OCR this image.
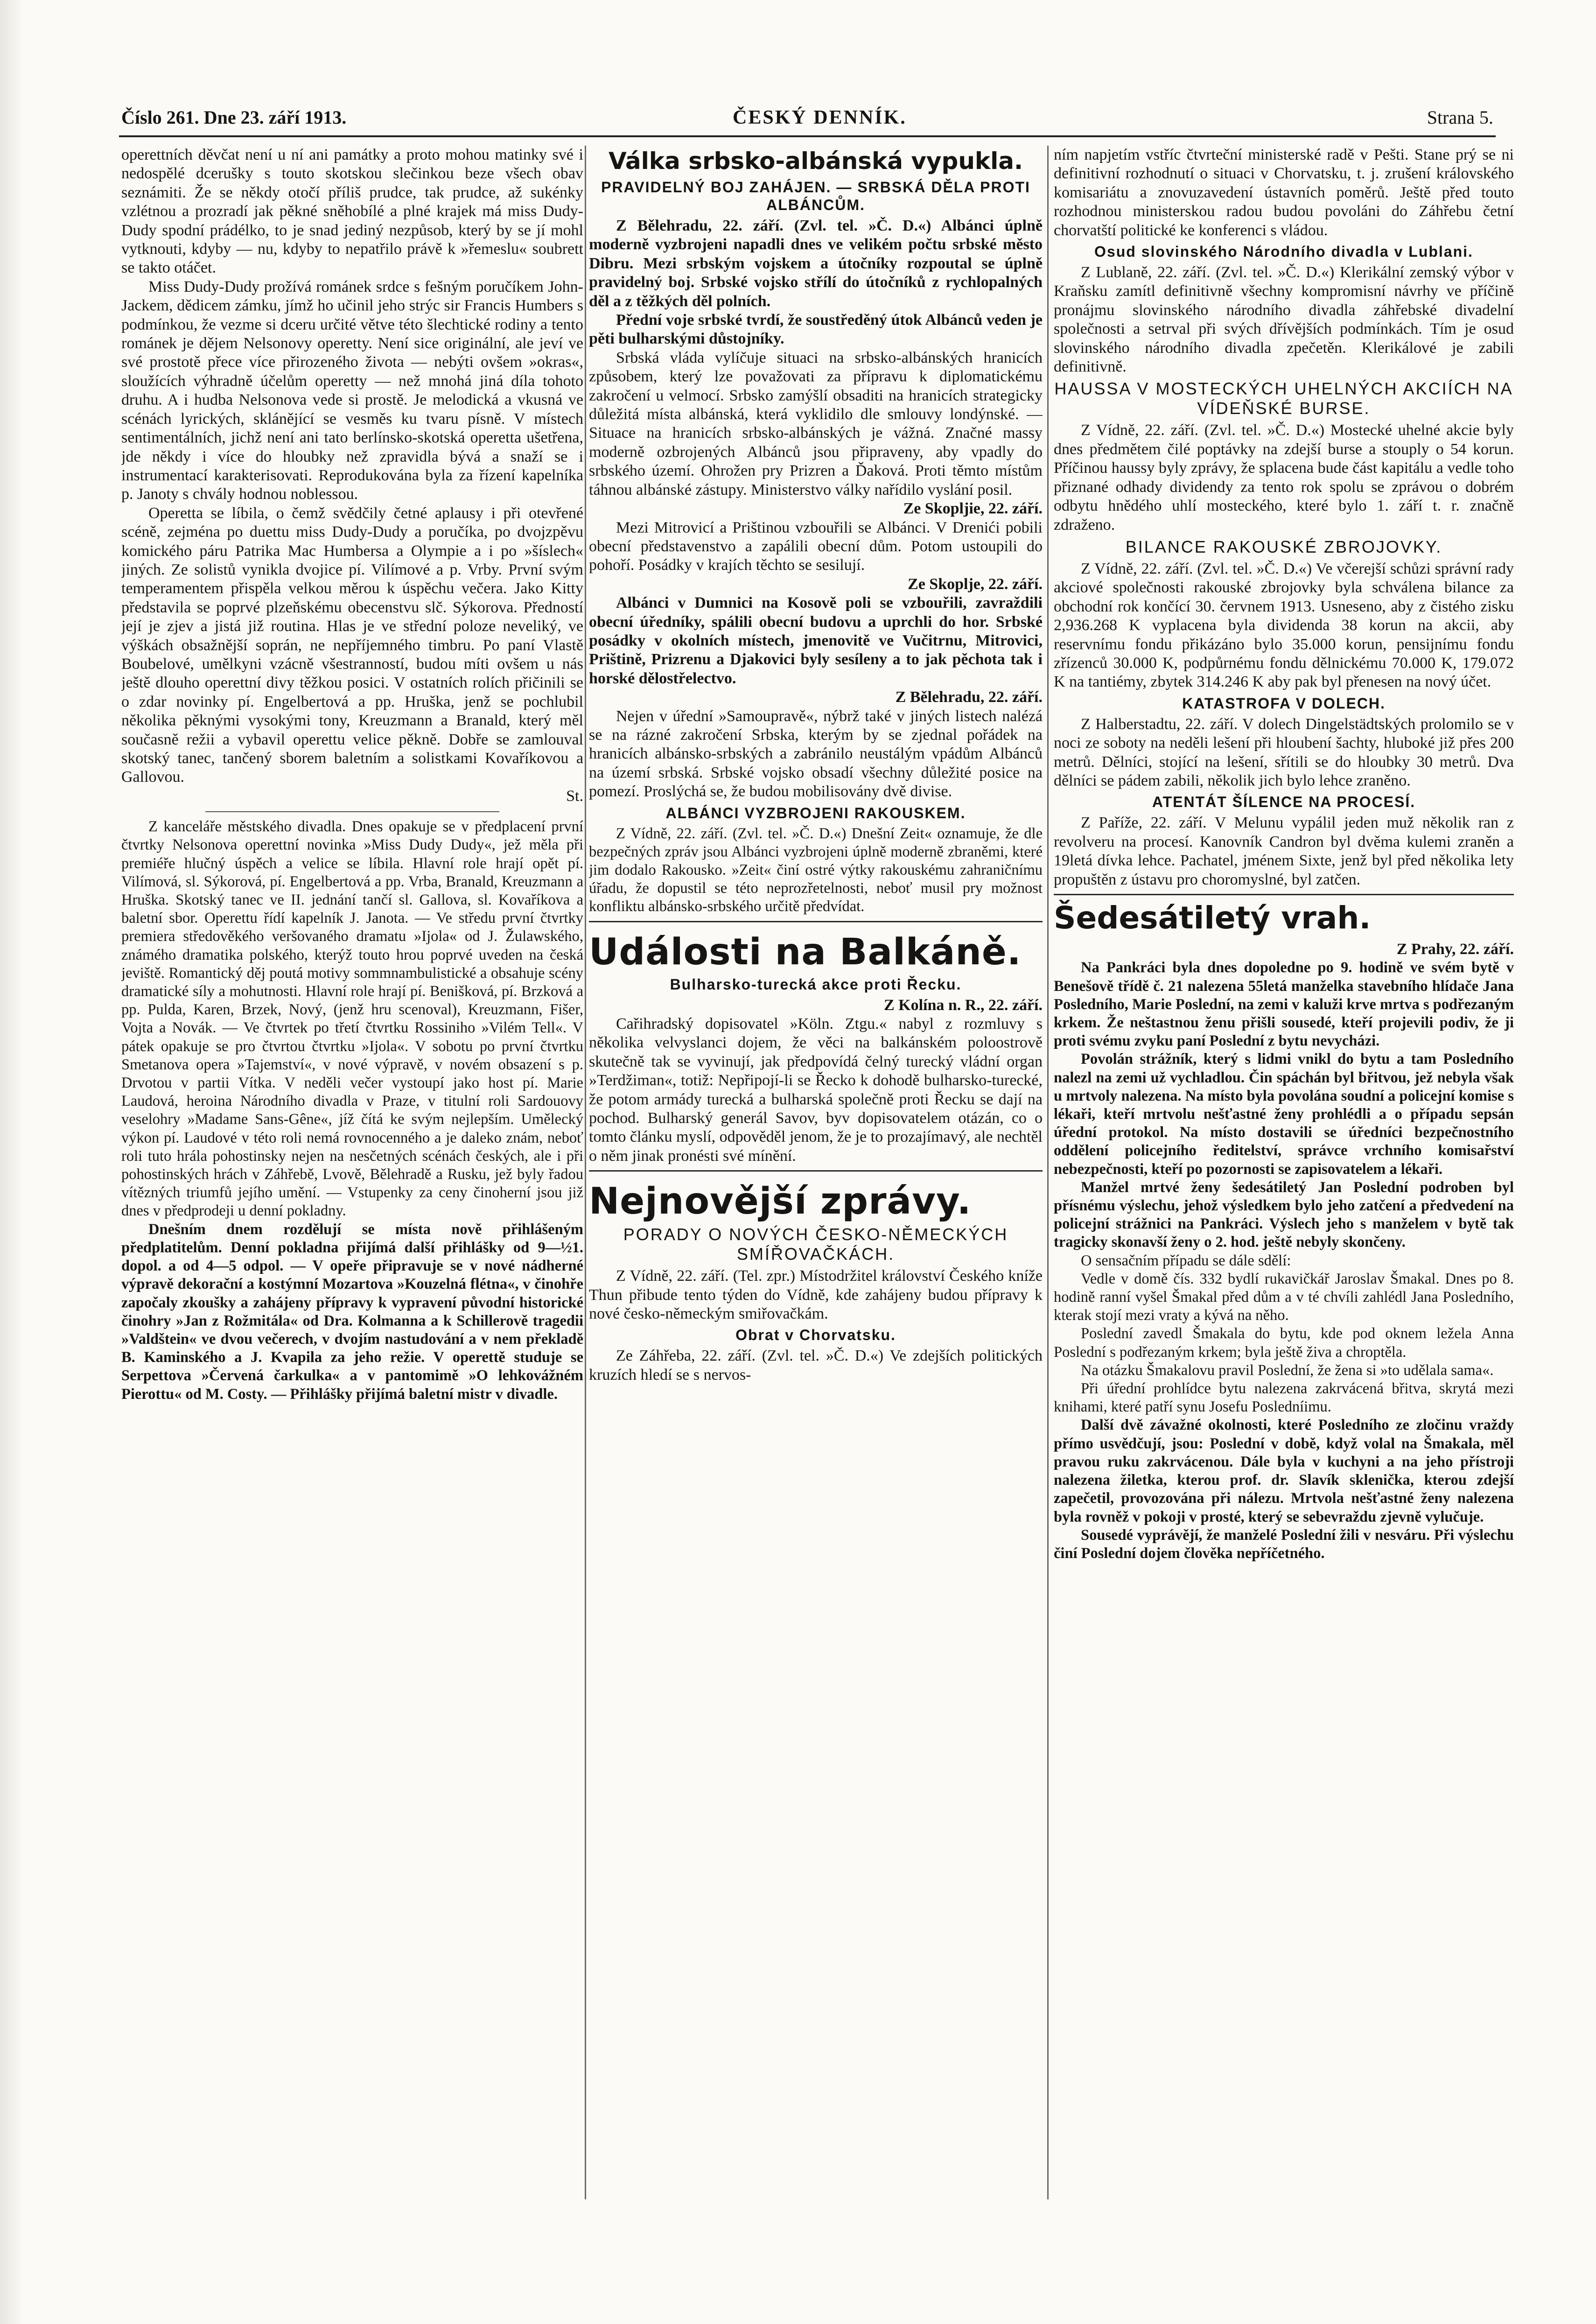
Číslo 261. Dne 23. září 1913.	ČESKÝ DENNÍK.	Strana 5.

operettních děvčat není u ní ani památky a proto mohou matinky své i nedospělé dcerušky s touto skotskou slečinkou beze všech obav seznámiti. Že se někdy otočí příliš prudce, tak prudce, až sukénky vzlétnou a prozradí jak pěkné sněhobílé a plné krajek má miss Dudy-Dudy spodní prádélko, to je snad jediný nezpůsob, který by se jí mohl vytknouti, kdyby — nu, kdyby to nepatřilo právě k »řemeslu« soubrett se takto otáčet.

Miss Dudy-Dudy prožívá románek srdce s fešným poručíkem John-Jackem, dědicem zámku, jímž ho učinil jeho strýc sir Francis Humbers s podmínkou, že vezme si dceru určité větve této šlechtické rodiny a tento románek je dějem Nelsonovy operetty. Není sice originální, ale jeví ve své prostotě přece více přirozeného života — nebýti ovšem »okras«, sloužících výhradně účelům operetty — než mnohá jiná díla tohoto druhu. A i hudba Nelsonova vede si prostě. Je melodická a vkusná ve scénách lyrických, sklánějící se vesměs ku tvaru písně. V místech sentimentálních, jichž není ani tato berlínsko-skotská operetta ušetřena, jde někdy i více do hloubky než zpravidla bývá a snaží se i instrumentací karakterisovati. Reprodukována byla za řízení kapelníka p. Janoty s chvály hodnou noblessou.

Operetta se líbila, o čemž svědčily četné aplausy i při otevřené scéně, zejména po duettu miss Dudy-Dudy a poručíka, po dvojzpěvu komického páru Patrika Mac Humbersa a Olympie a i po »šíslech« jiných. Ze solistů vynikla dvojice pí. Vilímové a p. Vrby. První svým temperamentem přispěla velkou měrou k úspěchu večera. Jako Kitty představila se poprvé plzeňskému obecenstvu slč. Sýkorova. Předností její je zjev a jistá již routina. Hlas je ve střední poloze neveliký, ve výškách obsažnější soprán, ne nepříjemného timbru. Po paní Vlastě Boubelové, umělkyni vzácně všestranností, budou míti ovšem u nás ještě dlouho operettní divy těžkou posici. V ostatních rolích přičinili se o zdar novinky pí. Engelbertová a pp. Hruška, jenž se pochlubil několika pěknými vysokými tony, Kreuzmann a Branald, který měl současně režii a vybavil operettu velice pěkně. Dobře se zamlouval skotský tanec, tančený sborem baletním a solistkami Kovaříkovou a Gallovou.

St.

Z kanceláře městského divadla. Dnes opakuje se v předplacení první čtvrtky Nelsonova operettní novinka »Miss Dudy Dudy«, jež měla při premiéře hlučný úspěch a velice se líbila. Hlavní role hrají opět pí. Vilímová, sl. Sýkorová, pí. Engelbertová a pp. Vrba, Branald, Kreuzmann a Hruška. Skotský tanec ve II. jednání tančí sl. Gallova, sl. Kovaříkova a baletní sbor. Operettu řídí kapelník J. Janota. — Ve středu první čtvrtky premiera středověkého veršovaného dramatu »Ijola« od J. Žulawského, známého dramatika polského, kterýž touto hrou poprvé uveden na česká jeviště. Romantický děj poutá motivy sommnambulistické a obsahuje scény dramatické síly a mohutnosti. Hlavní role hrají pí. Benišková, pí. Brzková a pp. Pulda, Karen, Brzek, Nový, (jenž hru scenoval), Kreuzmann, Fišer, Vojta a Novák. — Ve čtvrtek po třetí čtvrtku Rossiniho »Vilém Tell«. V pátek opakuje se pro čtvrtou čtvrtku »Ijola«. V sobotu po první čtvrtku Smetanova opera »Tajemství«, v nové výpravě, v novém obsazení s p. Drvotou v partii Vítka. V neděli večer vystoupí jako host pí. Marie Laudová, heroina Národního divadla v Praze, v titulní roli Sardouovy veselohry »Madame Sans-Gêne«, jíž čítá ke svým nejlepším. Umělecký výkon pí. Laudové v této roli nemá rovnocenného a je daleko znám, neboť roli tuto hrála pohostinsky nejen na nesčetných scénách českých, ale i při pohostinských hrách v Záhřebě, Lvově, Bělehradě a Rusku, jež byly řadou vítězných triumfů jejího umění. — Vstupenky za ceny činoherní jsou již dnes v předprodeji u denní pokladny.

Dnešním dnem rozdělují se místa nově přihlášeným předplatitelům. Denní pokladna přijímá další přihlášky od 9—½1. dopol. a od 4—5 odpol. — V opeře připravuje se v nové nádherné výpravě dekorační a kostýmní Mozartova »Kouzelná flétna«, v činohře započaly zkoušky a zahájeny přípravy k vypravení původní historické činohry »Jan z Rožmitála« od Dra. Kolmanna a k Schillerově tragedii »Valdštein« ve dvou večerech, v dvojím nastudování a v nem překladě B. Kaminského a J. Kvapila za jeho režie. V operettě studuje se Serpettova »Červená čarkulka« a v pantomimě »O lehkovážném Pierottu« od M. Costy. — Přihlášky přijímá baletní mistr v divadle.

Válka srbsko-albánská vypukla.
PRAVIDELNÝ BOJ ZAHÁJEN. — SRBSKÁ DĚLA PROTI ALBÁNCŮM.

Z Bělehradu, 22. září. (Zvl. tel. »Č. D.«) Albánci úplně moderně vyzbrojeni napadli dnes ve velikém počtu srbské město Dibru. Mezi srbským vojskem a útočníky rozpoutal se úplně pravidelný boj. Srbské vojsko střílí do útočníků z rychlopalných děl a z těžkých děl polních.

Přední voje srbské tvrdí, že soustředěný útok Albánců veden je pěti bulharskými důstojníky.

Srbská vláda vylíčuje situaci na srbsko-albánských hranicích způsobem, který lze považovati za přípravu k diplomatickému zakročení u velmocí. Srbsko zamýšlí obsaditi na hranicích strategicky důležitá místa albánská, která vyklidilo dle smlouvy londýnské. — Situace na hranicích srbsko-albánských je vážná. Značné massy moderně ozbrojených Albánců jsou připraveny, aby vpadly do srbského území. Ohrožen pry Prizren a Ďaková. Proti těmto místům táhnou albánské zástupy. Ministerstvo války nařídilo vyslání posil.

Ze Skopljie, 22. září.

Mezi Mitrovicí a Prištinou vzbouřili se Albánci. V Drenići pobili obecní představenstvo a zapálili obecní dům. Potom ustoupili do pohoří. Posádky v krajích těchto se sesilují.

Ze Skoplje, 22. září.

Albánci v Dumnici na Kosově poli se vzbouřili, zavraždili obecní úředníky, spálili obecní budovu a uprchli do hor. Srbské posádky v okolních místech, jmenovitě ve Vučitrnu, Mitrovici, Prištině, Prizrenu a Djakovici byly sesíleny a to jak pěchota tak i horské dělostřelectvo.

Z Bělehradu, 22. září.

Nejen v úřední »Samoupravě«, nýbrž také v jiných listech nalézá se na rázné zakročení Srbska, kterým by se zjednal pořádek na hranicích albánsko-srbských a zabránilo neustálým vpádům Albánců na území srbská. Srbské vojsko obsadí všechny důležité posice na pomezí. Proslýchá se, že budou mobilisovány dvě divise.

ALBÁNCI VYZBROJENI RAKOUSKEM.

Z Vídně, 22. září. (Zvl. tel. »Č. D.«) Dnešní Zeit« oznamuje, že dle bezpečných zpráv jsou Albánci vyzbrojeni úplně moderně zbraněmi, které jim dodalo Rakousko. »Zeit« činí ostré výtky rakouskému zahraničnímu úřadu, že dopustil se této neprozřetelnosti, neboť musil pry možnost konfliktu albánsko-srbského určitě předvídat.

Události na Balkáně.
Bulharsko-turecká akce proti Řecku.

Z Kolína n. R., 22. září.

Cařihradský dopisovatel »Köln. Ztgu.« nabyl z rozmluvy s několika velvyslanci dojem, že věci na balkánském poloostrově skutečně tak se vyvinují, jak předpovídá čelný turecký vládní organ »Terdžiman«, totiž: Nepřipojí-li se Řecko k dohodě bulharsko-turecké, že potom armády turecká a bulharská společně proti Řecku se dají na pochod. Bulharský generál Savov, byv dopisovatelem otázán, co o tomto článku myslí, odpověděl jenom, že je to prozajímavý, ale nechtěl o něm jinak pronésti své mínění.

Nejnovější zprávy.
PORADY O NOVÝCH ČESKO-NĚMECKÝCH SMÍŘOVAČKÁCH.

Z Vídně, 22. září. (Tel. zpr.) Místodržitel království Českého kníže Thun přibude tento týden do Vídně, kde zahájeny budou přípravy k nové česko-německým smiřovačkám.

Obrat v Chorvatsku.

Ze Záhřeba, 22. září. (Zvl. tel. »Č. D.«) Ve zdejších politických kruzích hledí se s nervos-

ním napjetím vstříc čtvrteční ministerské radě v Pešti. Stane prý se ni definitivní rozhodnutí o situaci v Chorvatsku, t. j. zrušení královského komisariátu a znovuzavedení ústavních poměrů. Ještě před touto rozhodnou ministerskou radou budou povoláni do Záhřebu četní chorvatští politické ke konferenci s vládou.

Osud slovinského Národního divadla v Lublani.

Z Lublaně, 22. září. (Zvl. tel. »Č. D.«) Klerikální zemský výbor v Kraňsku zamítl definitivně všechny kompromisní návrhy ve příčině pronájmu slovinského národního divadla záhřebské divadelní společnosti a setrval při svých dřívějších podmínkách. Tím je osud slovinského národního divadla zpečetěn. Klerikálové je zabili definitivně.

HAUSSA V MOSTECKÝCH UHELNÝCH AKCIÍCH NA VÍDEŇSKÉ BURSE.

Z Vídně, 22. září. (Zvl. tel. »Č. D.«) Mostecké uhelné akcie byly dnes předmětem čilé poptávky na zdejší burse a stouply o 54 korun. Příčinou haussy byly zprávy, že splacena bude část kapitálu a vedle toho přiznané odhady dividendy za tento rok spolu se zprávou o dobrém odbytu hnědého uhlí mosteckého, které bylo 1. září t. r. značně zdraženo.

BILANCE RAKOUSKÉ ZBROJOVKY.

Z Vídně, 22. září. (Zvl. tel. »Č. D.«) Ve včerejší schůzi správní rady akciové společnosti rakouské zbrojovky byla schválena bilance za obchodní rok končící 30. červnem 1913. Usneseno, aby z čistého zisku 2,936.268 K vyplacena byla dividenda 38 korun na akcii, aby reservnímu fondu přikázáno bylo 35.000 korun, pensijnímu fondu zřízenců 30.000 K, podpůrnému fondu dělnickému 70.000 K, 179.072 K na tantiémy, zbytek 314.246 K aby pak byl přenesen na nový účet.

KATASTROFA V DOLECH.

Z Halberstadtu, 22. září. V dolech Dingelstädtských prolomilo se v noci ze soboty na neděli lešení při hloubení šachty, hluboké již přes 200 metrů. Dělníci, stojící na lešení, sřítili se do hloubky 30 metrů. Dva dělníci se pádem zabili, několik jich bylo lehce zraněno.

ATENTÁT ŠÍLENCE NA PROCESÍ.

Z Paříže, 22. září. V Melunu vypálil jeden muž několik ran z revolveru na procesí. Kanovník Candron byl dvěma kulemi zraněn a 19letá dívka lehce. Pachatel, jménem Sixte, jenž byl před několika lety propuštěn z ústavu pro choromyslné, byl zatčen.

Šedesátiletý vrah.

Z Prahy, 22. září.

Na Pankráci byla dnes dopoledne po 9. hodině ve svém bytě v Benešově třídě č. 21 nalezena 55letá manželka stavebního hlídače Jana Posledního, Marie Poslední, na zemi v kaluži krve mrtva s podřezaným krkem. Že neštastnou ženu přišli sousedé, kteří projevili podiv, že ji proti svému zvyku paní Poslední z bytu nevycházi.

Povolán strážník, který s lidmi vnikl do bytu a tam Posledního nalezl na zemi už vychladlou. Čin spáchán byl břitvou, jež nebyla však u mrtvoly nalezena. Na místo byla povolána soudní a policejní komise s lékaři, kteří mrtvolu nešťastné ženy prohlédli a o případu sepsán úřední protokol. Na místo dostavili se úředníci bezpečnostního oddělení policejního ředitelství, správce vrchního komisařství nebezpečnosti, kteří po pozornosti se zapisovatelem a lékaři.

Manžel mrtvé ženy šedesátiletý Jan Poslední podroben byl přísnému výslechu, jehož výsledkem bylo jeho zatčení a předvedení na policejní strážnici na Pankráci. Výslech jeho s manželem v bytě tak tragicky skonavší ženy o 2. hod. ještě nebyly skončeny.

O sensačním případu se dále sdělí:

Vedle v domě čís. 332 bydlí rukavičkář Jaroslav Šmakal. Dnes po 8. hodině ranní vyšel Šmakal před dům a v té chvíli zahlédl Jana Posledního, kterak stojí mezi vraty a kývá na něho.

Poslední zavedl Šmakala do bytu, kde pod oknem ležela Anna Poslední s podřezaným krkem; byla ještě živa a chroptěla.

Na otázku Šmakalovu pravil Poslední, že žena si »to udělala sama«.

Při úřední prohlídce bytu nalezena zakrvácená břitva, skrytá mezi knihami, které patří synu Josefu Posledníimu.

Další dvě závažné okolnosti, které Posledního ze zločinu vraždy přímo usvědčují, jsou: Poslední v době, když volal na Šmakala, měl pravou ruku zakrvácenou. Dále byla v kuchyni a na jeho přístroji nalezena žiletka, kterou prof. dr. Slavík sklenička, kterou zdejší zapečetil, provozována při nálezu. Mrtvola nešťastné ženy nalezena byla rovněž v pokoji v prosté, který se sebevraždu zjevně vylučuje.

Sousedé vyprávějí, že manželé Poslední žili v nesváru. Při výslechu činí Poslední dojem člověka nepříčetného.
